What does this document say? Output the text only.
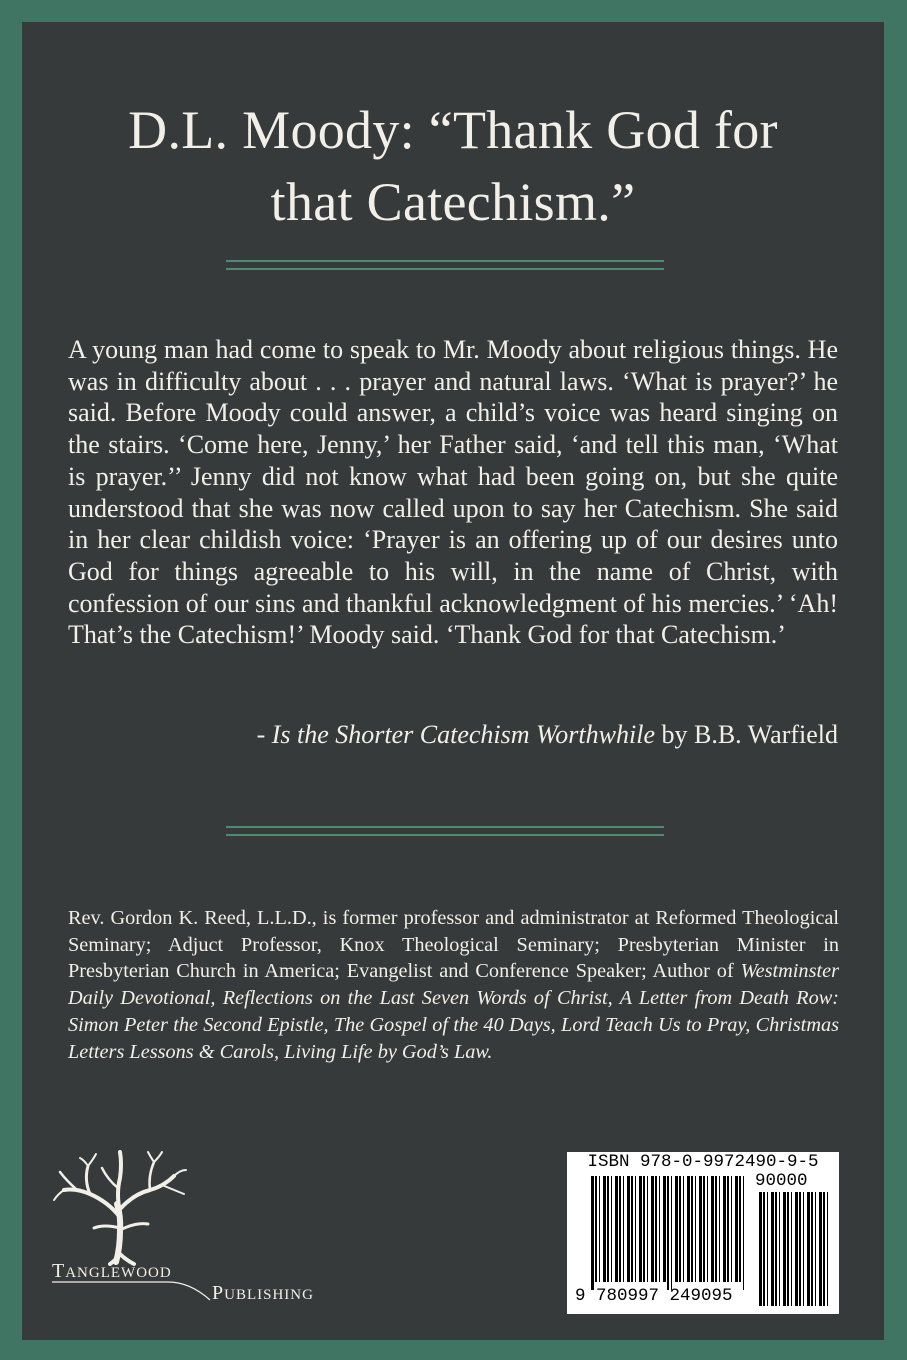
D.L. Moody: “Thank God for
that Catechism.”
A young man had come to speak to Mr. Moody about religious things. He was in difficulty about . . . prayer and natural laws. ‘What is prayer?’ he said. Before Moody could answer, a child’s voice was heard singing on the stairs. ‘Come here, Jenny,’ her Father said, ‘and tell this man, ‘What is prayer.’’ Jenny did not know what had been going on, but she quite understood that she was now called upon to say her Catechism. She said in her clear childish voice: ‘Prayer is an offering up of our desires unto God for things agreeable to his will, in the name of Christ, with confession of our sins and thankful acknowledgment of his mercies.’ ‘Ah! That’s the Catechism!’ Moody said. ‘Thank God for that Catechism.’
- Is the Shorter Catechism Worthwhile by B.B. Warfield
Rev. Gordon K. Reed, L.L.D., is former professor and administrator at Reformed Theological Seminary; Adjuct Professor, Knox Theological Seminary; Presbyterian Minister in Presbyterian Church in America; Evangelist and Conference Speaker; Author of Westminster Daily Devotional, Reflections on the Last Seven Words of Christ, A Letter from Death Row: Simon Peter the Second Epistle, The Gospel of the 40 Days, Lord Teach Us to Pray, Christmas Letters Lessons & Carols, Living Life by God’s Law.
TANGLEWOOD
PUBLISHING
ISBN 978-0-9972490-9-5
90000
9 780997 249095
